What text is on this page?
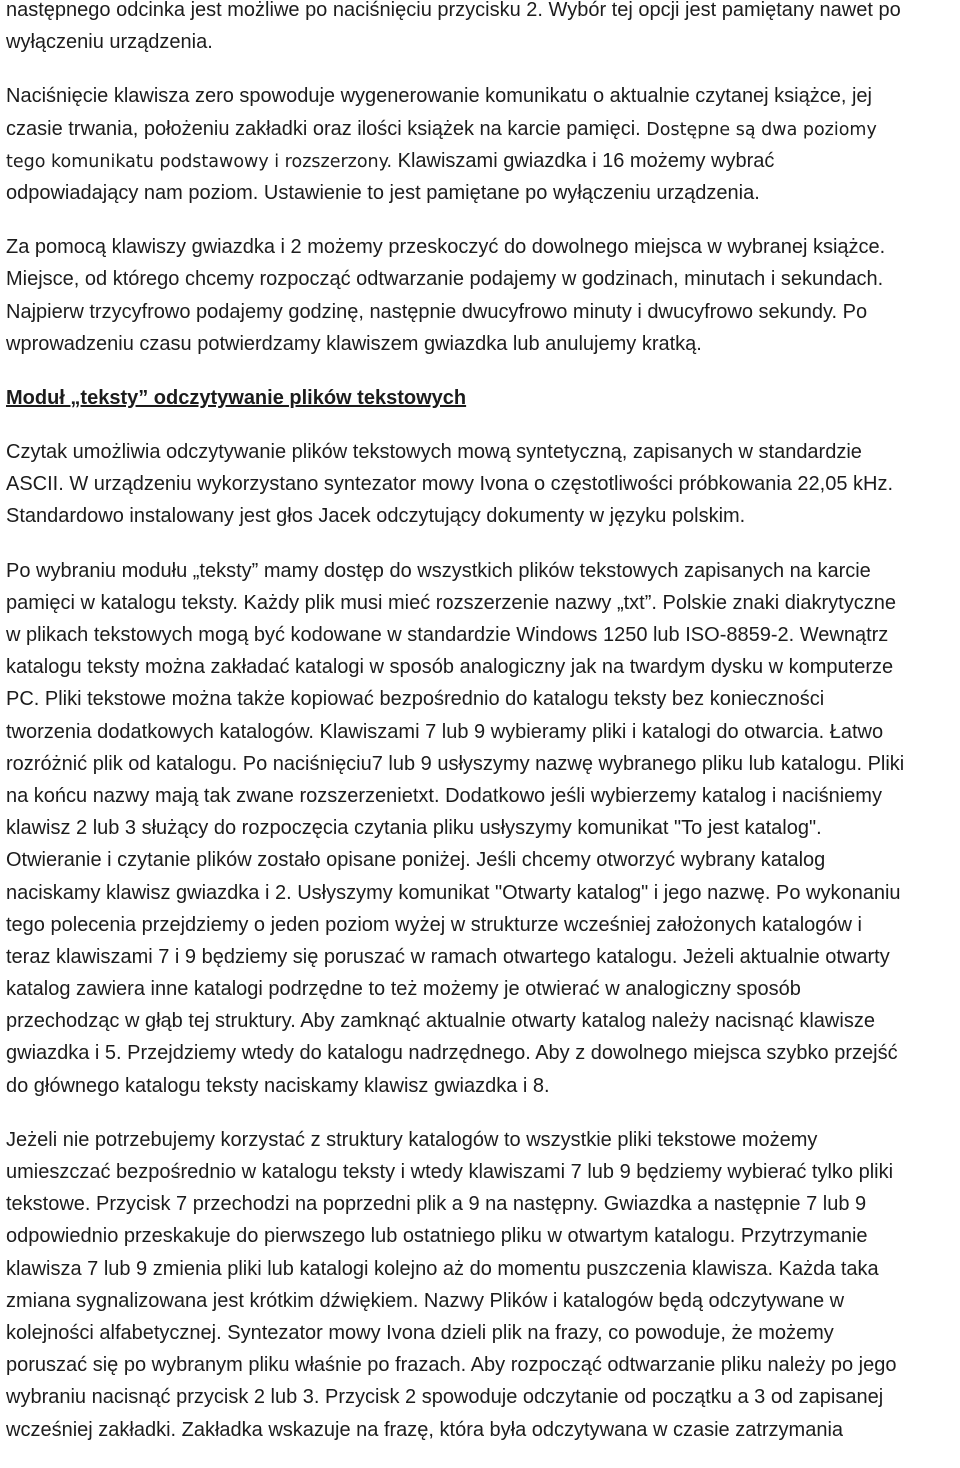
następnego odcinka jest możliwe po naciśnięciu przycisku 2. Wybór tej opcji jest pamiętany nawet po
wyłączeniu urządzenia.
Naciśnięcie klawisza zero spowoduje wygenerowanie komunikatu o aktualnie czytanej książce, jej
czasie trwania, położeniu zakładki oraz ilości książek na karcie pamięci. Dostępne są dwa poziomy
tego komunikatu podstawowy i rozszerzony. Klawiszami gwiazdka i 16 możemy wybrać
odpowiadający nam poziom. Ustawienie to jest pamiętane po wyłączeniu urządzenia.
Za pomocą klawiszy gwiazdka i 2 możemy przeskoczyć do dowolnego miejsca w wybranej książce.
Miejsce, od którego chcemy rozpocząć odtwarzanie podajemy w godzinach, minutach i sekundach.
Najpierw trzycyfrowo podajemy godzinę, następnie dwucyfrowo minuty i dwucyfrowo sekundy. Po
wprowadzeniu czasu potwierdzamy klawiszem gwiazdka lub anulujemy kratką.
Moduł „teksty” odczytywanie plików tekstowych
Czytak umożliwia odczytywanie plików tekstowych mową syntetyczną, zapisanych w standardzie
ASCII. W urządzeniu wykorzystano syntezator mowy Ivona o częstotliwości próbkowania 22,05 kHz.
Standardowo instalowany jest głos Jacek odczytujący dokumenty w języku polskim.
Po wybraniu modułu „teksty” mamy dostęp do wszystkich plików tekstowych zapisanych na karcie
pamięci w katalogu teksty. Każdy plik musi mieć rozszerzenie nazwy „txt”. Polskie znaki diakrytyczne
w plikach tekstowych mogą być kodowane w standardzie Windows 1250 lub ISO-8859-2. Wewnątrz
katalogu teksty można zakładać katalogi w sposób analogiczny jak na twardym dysku w komputerze
PC. Pliki tekstowe można także kopiować bezpośrednio do katalogu teksty bez konieczności
tworzenia dodatkowych katalogów. Klawiszami 7 lub 9 wybieramy pliki i katalogi do otwarcia. Łatwo
rozróżnić plik od katalogu. Po naciśnięciu7 lub 9 usłyszymy nazwę wybranego pliku lub katalogu. Pliki
na końcu nazwy mają tak zwane rozszerzenietxt. Dodatkowo jeśli wybierzemy katalog i naciśniemy
klawisz 2 lub 3 służący do rozpoczęcia czytania pliku usłyszymy komunikat "To jest katalog".
Otwieranie i czytanie plików zostało opisane poniżej. Jeśli chcemy otworzyć wybrany katalog
naciskamy klawisz gwiazdka i 2. Usłyszymy komunikat "Otwarty katalog" i jego nazwę. Po wykonaniu
tego polecenia przejdziemy o jeden poziom wyżej w strukturze wcześniej założonych katalogów i
teraz klawiszami 7 i 9 będziemy się poruszać w ramach otwartego katalogu. Jeżeli aktualnie otwarty
katalog zawiera inne katalogi podrzędne to też możemy je otwierać w analogiczny sposób
przechodząc w głąb tej struktury. Aby zamknąć aktualnie otwarty katalog należy nacisnąć klawisze
gwiazdka i 5. Przejdziemy wtedy do katalogu nadrzędnego. Aby z dowolnego miejsca szybko przejść
do głównego katalogu teksty naciskamy klawisz gwiazdka i 8.
Jeżeli nie potrzebujemy korzystać z struktury katalogów to wszystkie pliki tekstowe możemy
umieszczać bezpośrednio w katalogu teksty i wtedy klawiszami 7 lub 9 będziemy wybierać tylko pliki
tekstowe. Przycisk 7 przechodzi na poprzedni plik a 9 na następny. Gwiazdka a następnie 7 lub 9
odpowiednio przeskakuje do pierwszego lub ostatniego pliku w otwartym katalogu. Przytrzymanie
klawisza 7 lub 9 zmienia pliki lub katalogi kolejno aż do momentu puszczenia klawisza. Każda taka
zmiana sygnalizowana jest krótkim dźwiękiem. Nazwy Plików i katalogów będą odczytywane w
kolejności alfabetycznej. Syntezator mowy Ivona dzieli plik na frazy, co powoduje, że możemy
poruszać się po wybranym pliku właśnie po frazach. Aby rozpocząć odtwarzanie pliku należy po jego
wybraniu nacisnąć przycisk 2 lub 3. Przycisk 2 spowoduje odczytanie od początku a 3 od zapisanej
wcześniej zakładki. Zakładka wskazuje na frazę, która była odczytywana w czasie zatrzymania
